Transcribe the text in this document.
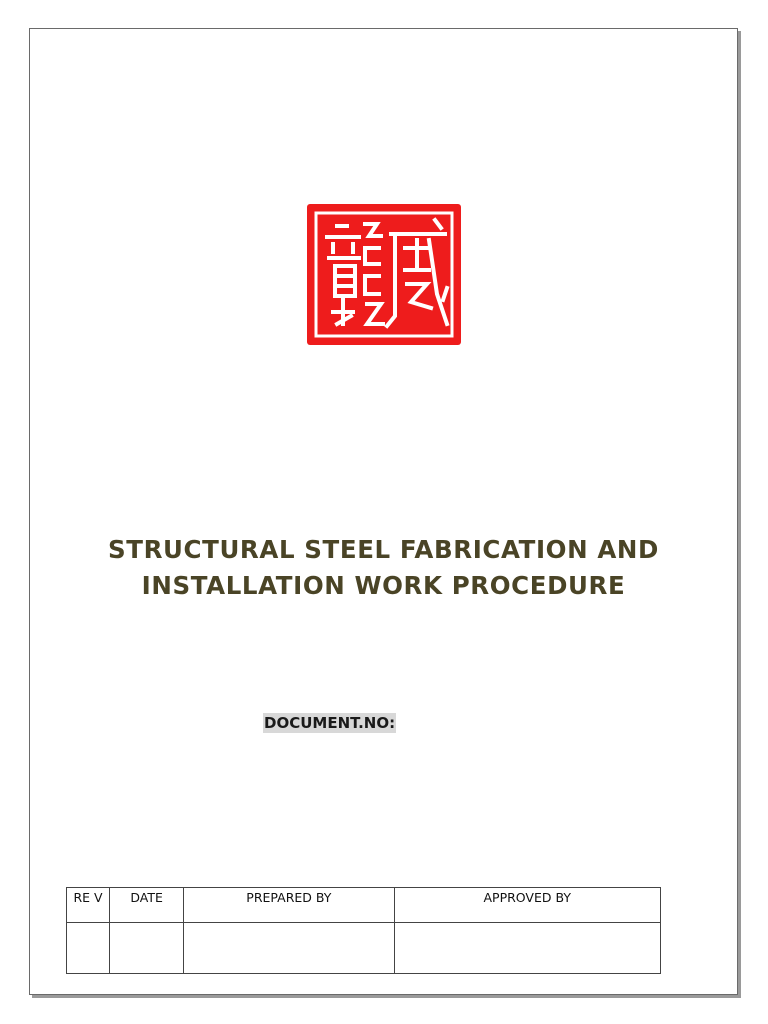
STRUCTURAL STEEL FABRICATION AND
INSTALLATION WORK PROCEDURE
DOCUMENT.NO:
RE V	DATE	PREPARED BY	APPROVED BY
